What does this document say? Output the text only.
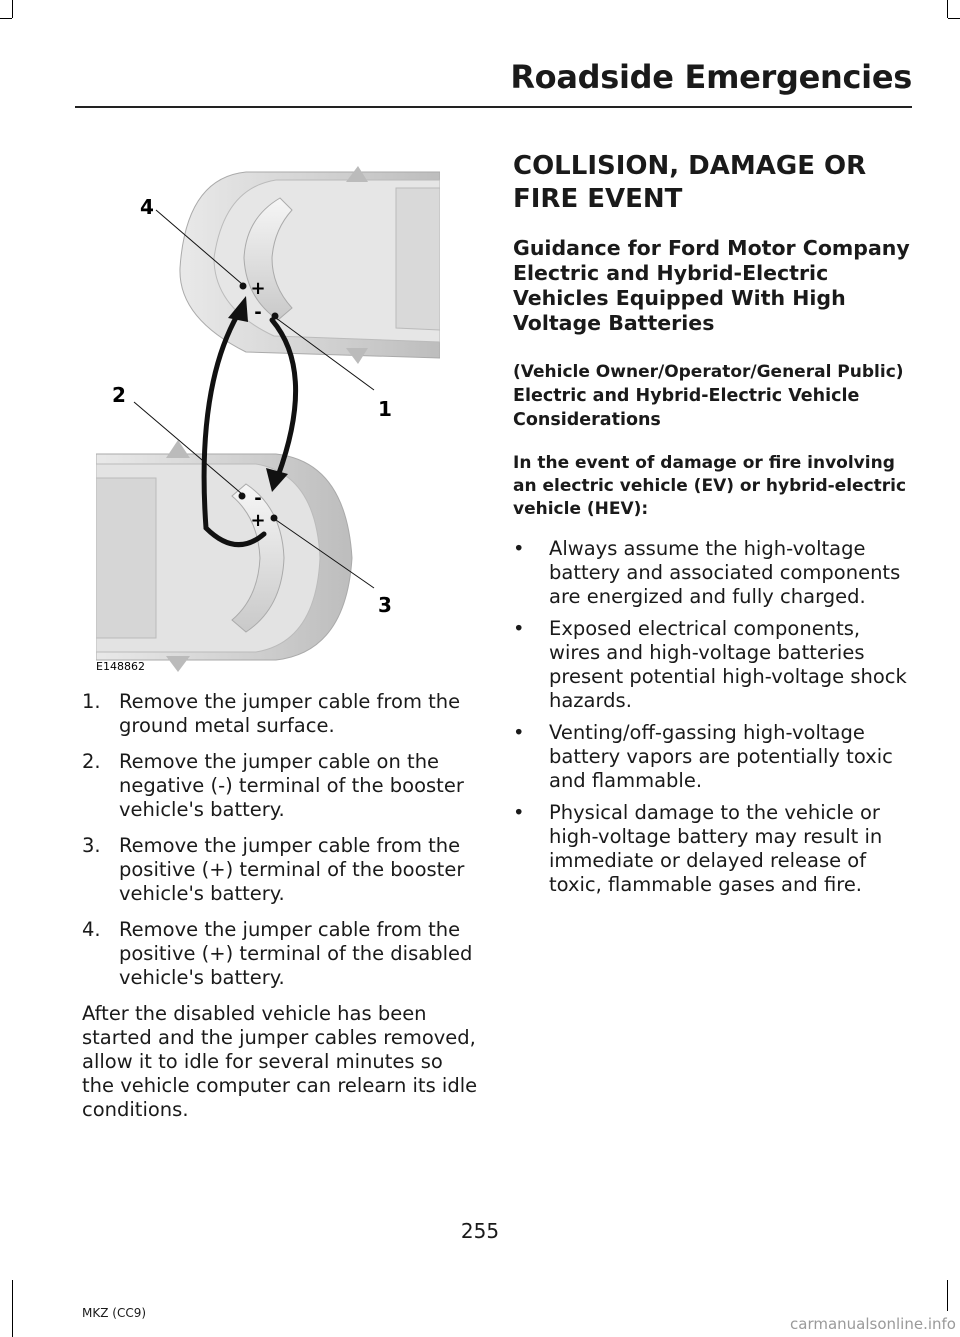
Roadside Emergencies
+
-
-
+
4
1
2
3
E148862
1. Remove the jumper cable from the ground metal surface.
2. Remove the jumper cable on the negative (-) terminal of the booster vehicle's battery.
3. Remove the jumper cable from the positive (+) terminal of the booster vehicle's battery.
4. Remove the jumper cable from the positive (+) terminal of the disabled vehicle's battery.

After the disabled vehicle has been started and the jumper cables removed, allow it to idle for several minutes so the vehicle computer can relearn its idle conditions.

COLLISION, DAMAGE OR FIRE EVENT
Guidance for Ford Motor Company Electric and Hybrid-Electric Vehicles Equipped With High Voltage Batteries
(Vehicle Owner/Operator/General Public)
Electric and Hybrid-Electric Vehicle Considerations
In the event of damage or fire involving an electric vehicle (EV) or hybrid-electric vehicle (HEV):
• Always assume the high-voltage battery and associated components are energized and fully charged.
• Exposed electrical components, wires and high-voltage batteries present potential high-voltage shock hazards.
• Venting/off-gassing high-voltage battery vapors are potentially toxic and flammable.
• Physical damage to the vehicle or high-voltage battery may result in immediate or delayed release of toxic, flammable gases and fire.
255
MKZ (CC9)
carmanualsonline.info
